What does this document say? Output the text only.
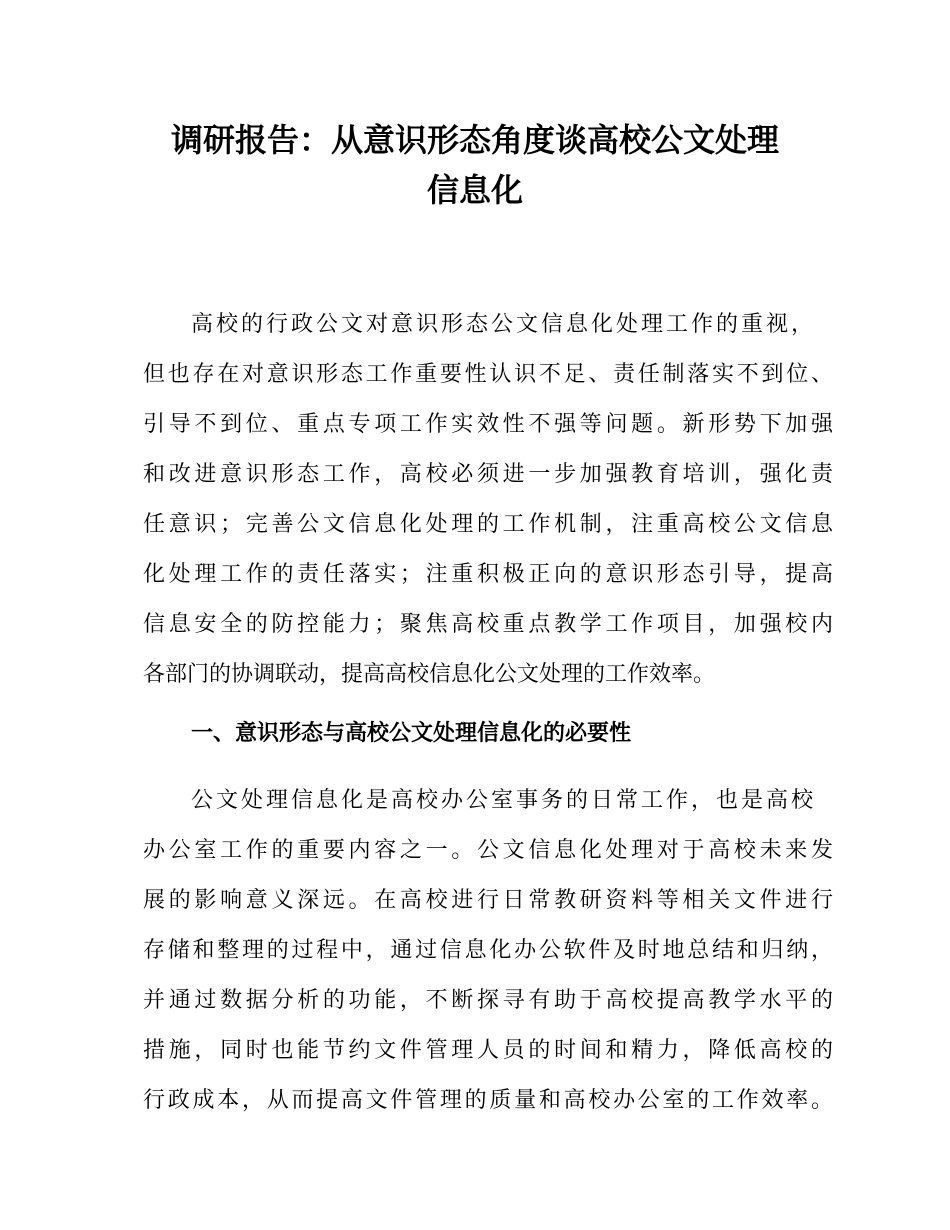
调研报告：从意识形态角度谈高校公文处理
信息化
高校的行政公文对意识形态公文信息化处理工作的重视，
但也存在对意识形态工作重要性认识不足、责任制落实不到位、
引导不到位、重点专项工作实效性不强等问题。新形势下加强
和改进意识形态工作，高校必须进一步加强教育培训，强化责
任意识；完善公文信息化处理的工作机制，注重高校公文信息
化处理工作的责任落实；注重积极正向的意识形态引导，提高
信息安全的防控能力；聚焦高校重点教学工作项目，加强校内
各部门的协调联动，提高高校信息化公文处理的工作效率。
一、意识形态与高校公文处理信息化的必要性
公文处理信息化是高校办公室事务的日常工作，也是高校
办公室工作的重要内容之一。公文信息化处理对于高校未来发
展的影响意义深远。在高校进行日常教研资料等相关文件进行
存储和整理的过程中，通过信息化办公软件及时地总结和归纳，
并通过数据分析的功能，不断探寻有助于高校提高教学水平的
措施，同时也能节约文件管理人员的时间和精力，降低高校的
行政成本，从而提高文件管理的质量和高校办公室的工作效率。
